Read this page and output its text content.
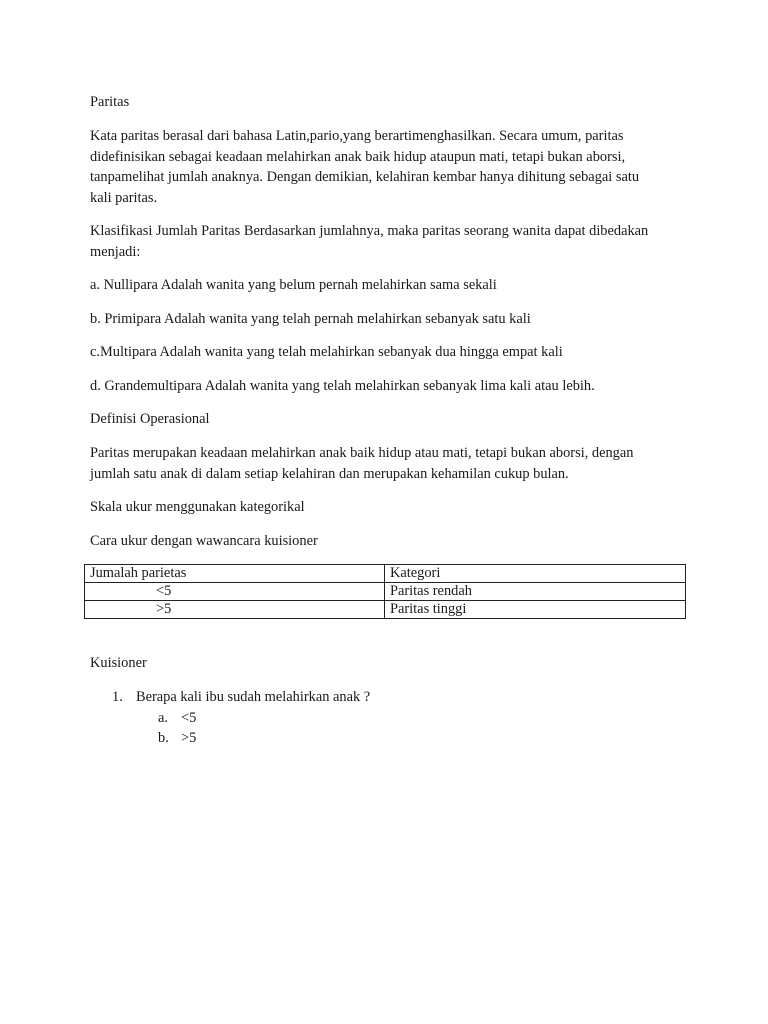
Paritas

Kata paritas berasal dari bahasa Latin,pario,yang berartimenghasilkan. Secara umum, paritas

didefinisikan sebagai keadaan melahirkan anak baik hidup ataupun mati, tetapi bukan aborsi,

tanpamelihat jumlah anaknya. Dengan demikian, kelahiran kembar hanya dihitung sebagai satu

kali paritas.

Klasifikasi Jumlah Paritas Berdasarkan jumlahnya, maka paritas seorang wanita dapat dibedakan

menjadi:

a. Nullipara Adalah wanita yang belum pernah melahirkan sama sekali

b. Primipara Adalah wanita yang telah pernah melahirkan sebanyak satu kali

c.Multipara Adalah wanita yang telah melahirkan sebanyak dua hingga empat kali

d. Grandemultipara Adalah wanita yang telah melahirkan sebanyak lima kali atau lebih.

Definisi Operasional

Paritas merupakan keadaan melahirkan anak baik hidup atau mati, tetapi bukan aborsi, dengan

jumlah satu anak di dalam setiap kelahiran dan merupakan kehamilan cukup bulan.

Skala ukur menggunakan kategorikal

Cara ukur dengan wawancara kuisioner

Jumalah parietas	Kategori
<5	Paritas rendah
>5	Paritas tinggi

Kuisioner

1. Berapa kali ibu sudah melahirkan anak ?

a. <5

b. >5
